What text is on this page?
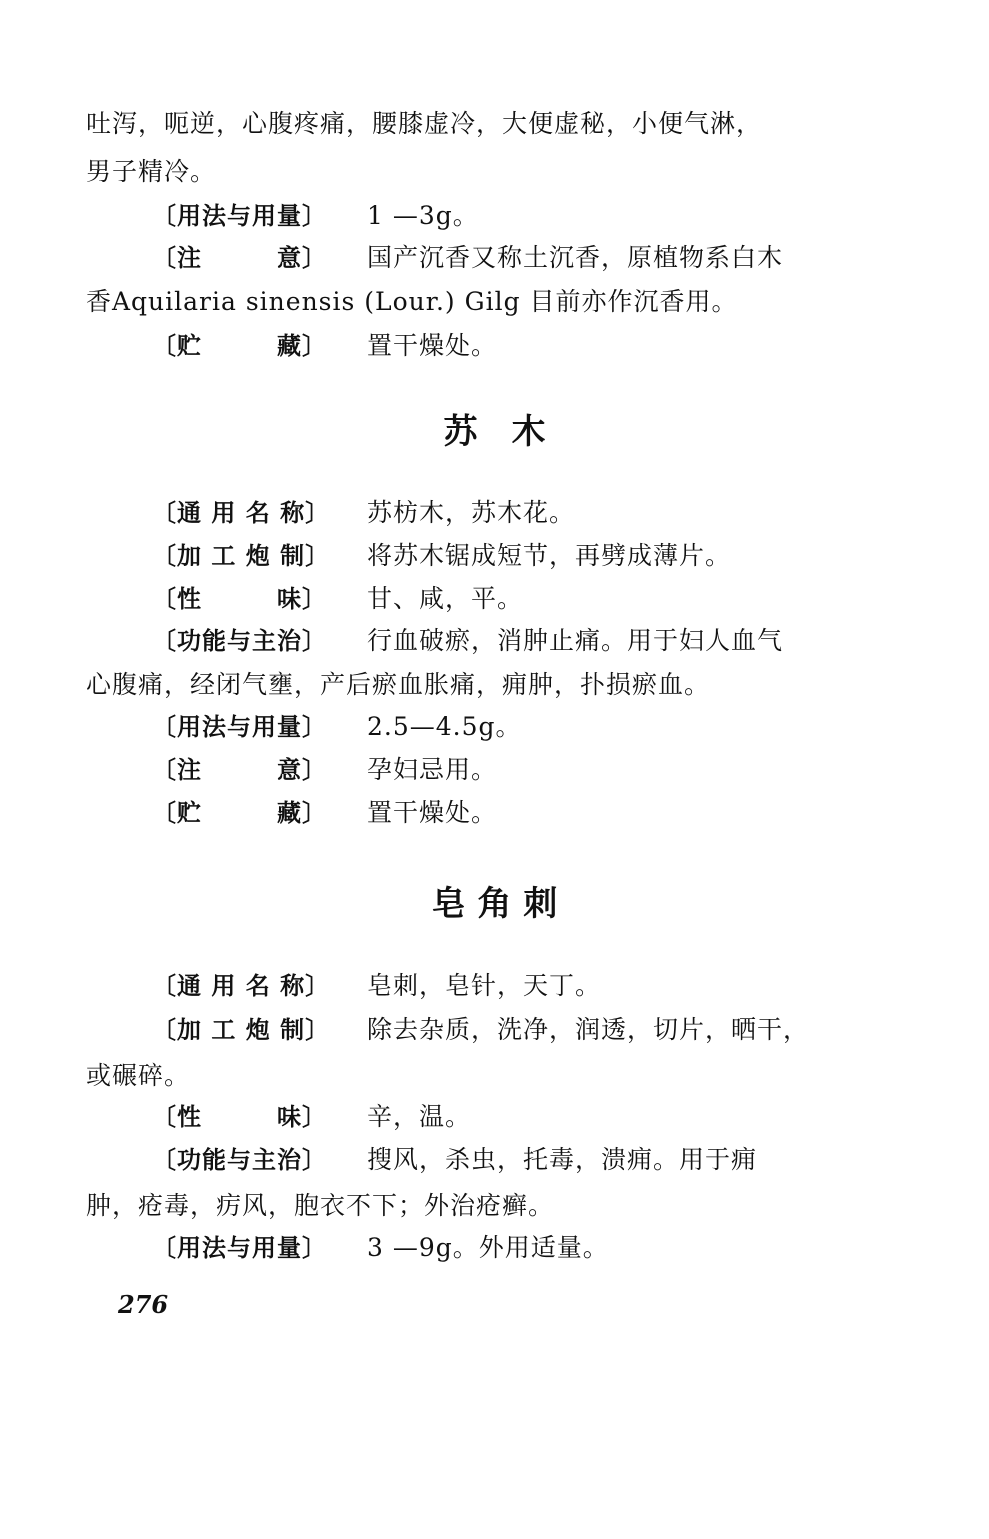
吐泻，呃逆，心腹疼痛，腰膝虚冷，大便虚秘，小便气淋，
男子精冷。
〔用法与用量〕 1 —3g。
〔注　　　意〕 国产沉香又称土沉香，原植物系白木
香Aquilaria sinensis (Lour.) Gilg 目前亦作沉香用。
〔贮　　　藏〕 置干燥处。
苏　木
〔通 用 名 称〕 苏枋木，苏木花。
〔加 工 炮 制〕 将苏木锯成短节，再劈成薄片。
〔性　　　味〕 甘、咸，平。
〔功能与主治〕 行血破瘀，消肿止痛。用于妇人血气
心腹痛，经闭气壅，产后瘀血胀痛，痈肿，扑损瘀血。
〔用法与用量〕 2.5—4.5g。
〔注　　　意〕 孕妇忌用。
〔贮　　　藏〕 置干燥处。
皂 角 刺
〔通 用 名 称〕 皂刺，皂针，天丁。
〔加 工 炮 制〕 除去杂质，洗净，润透，切片，晒干，
或碾碎。
〔性　　　味〕 辛，温。
〔功能与主治〕 搜风，杀虫，托毒，溃痈。用于痈
肿，疮毒，疠风，胞衣不下；外治疮癣。
〔用法与用量〕 3 —9g。外用适量。
276
